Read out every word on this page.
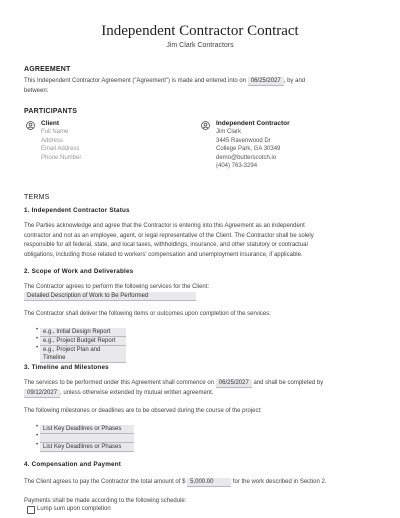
Independent Contractor Contract
Jim Clark Contractors
AGREEMENT
This Independent Contractor Agreement ("Agreement") is made and entered into on 06/25/2027 , by and
between:
PARTICIPANTS
Client
Full Name
Address
Email Address
Phone Number
Independent Contractor
Jim Clark
3445 Ravenwood Dr
College Park, GA 30349
demo@butterscotch.io
(404) 763-3294
TERMS
1. Independent Contractor Status
The Parties acknowledge and agree that the Contractor is entering into this Agreement as an independent
contractor and not as an employee, agent, or legal representative of the Client. The Contractor shall be solely
responsible for all federal, state, and local taxes, withholdings, insurance, and other statutory or contractual
obligations, including those related to workers' compensation and unemployment insurance, if applicable.
2. Scope of Work and Deliverables
The Contractor agrees to perform the following services for the Client:
Detailed Description of Work to Be Performed
The Contractor shall deliver the following items or outcomes upon completion of the services:
• e.g., Initial Design Report
• e.g., Project Budget Report
• e.g., Project Plan and Timeline
3. Timeline and Milestones
The services to be performed under this Agreement shall commence on 06/25/2027 and shall be completed by
09/12/2027 , unless otherwise extended by mutual written agreement.
The following milestones or deadlines are to be observed during the course of the project:
• List Key Deadlines or Phases
•
• List Key Deadlines or Phases
4. Compensation and Payment
The Client agrees to pay the Contractor the total amount of $ 5,000.00	for the work described in Section 2.
Payments shall be made according to the following schedule:
Lump sum upon completion
